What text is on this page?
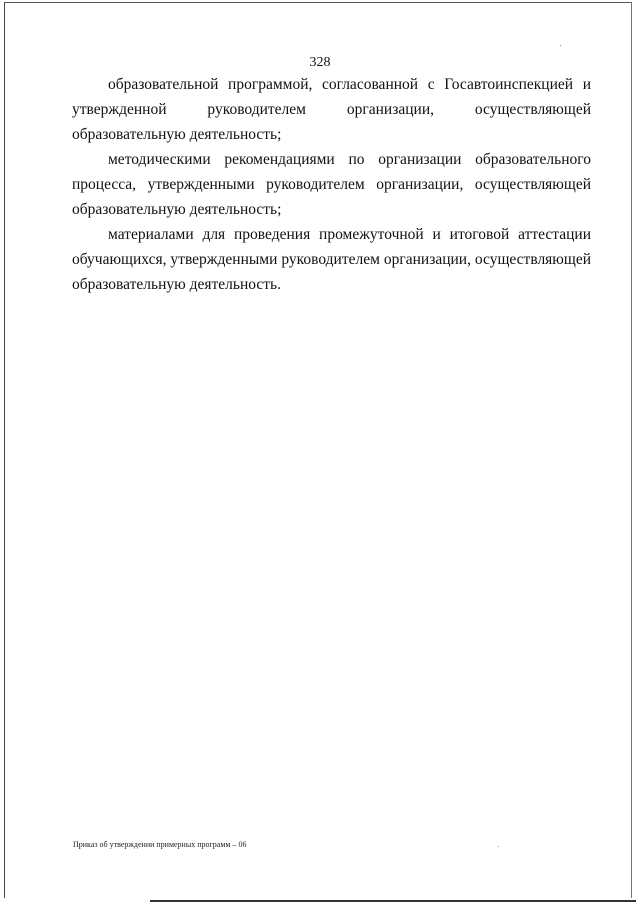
328

образовательной программой, согласованной с Госавтоинспекцией и утвержденной руководителем организации, осуществляющей образовательную деятельность;

методическими рекомендациями по организации образовательного процесса, утвержденными руководителем организации, осуществляющей образовательную деятельность;

материалами для проведения промежуточной и итоговой аттестации обучающихся, утвержденными руководителем организации, осуществляющей образовательную деятельность.

Приказ об утверждении примерных программ – 06
